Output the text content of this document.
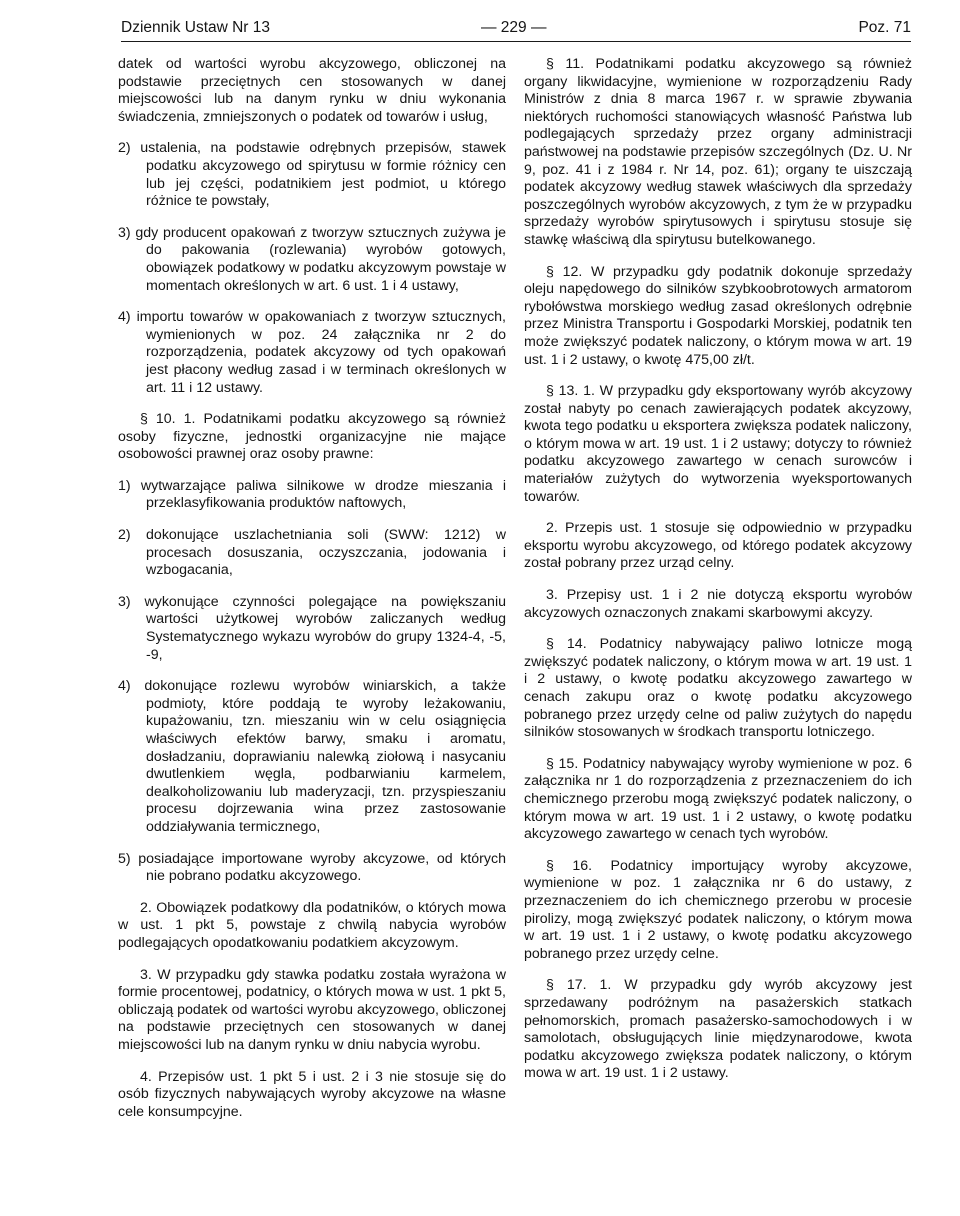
Dziennik Ustaw Nr 13	— 229 —	Poz. 71

datek od wartości wyrobu akcyzowego, obliczonej na podstawie przeciętnych cen stosowanych w danej miejscowości lub na danym rynku w dniu wykonania świadczenia, zmniejszonych o podatek od towarów i usług,

2) ustalenia, na podstawie odrębnych przepisów, stawek podatku akcyzowego od spirytusu w formie różnicy cen lub jej części, podatnikiem jest podmiot, u którego różnice te powstały,

3) gdy producent opakowań z tworzyw sztucznych zużywa je do pakowania (rozlewania) wyrobów gotowych, obowiązek podatkowy w podatku akcyzowym powstaje w momentach określonych w art. 6 ust. 1 i 4 ustawy,

4) importu towarów w opakowaniach z tworzyw sztucznych, wymienionych w poz. 24 załącznika nr 2 do rozporządzenia, podatek akcyzowy od tych opakowań jest płacony według zasad i w terminach określonych w art. 11 i 12 ustawy.

§ 10. 1. Podatnikami podatku akcyzowego są również osoby fizyczne, jednostki organizacyjne nie mające osobowości prawnej oraz osoby prawne:

1) wytwarzające paliwa silnikowe w drodze mieszania i przeklasyfikowania produktów naftowych,

2) dokonujące uszlachetniania soli (SWW: 1212) w procesach dosuszania, oczyszczania, jodowania i wzbogacania,

3) wykonujące czynności polegające na powiększaniu wartości użytkowej wyrobów zaliczanych według Systematycznego wykazu wyrobów do grupy 1324-4, -5, -9,

4) dokonujące rozlewu wyrobów winiarskich, a także podmioty, które poddają te wyroby leżakowaniu, kupażowaniu, tzn. mieszaniu win w celu osiągnięcia właściwych efektów barwy, smaku i aromatu, dosładzaniu, doprawianiu nalewką ziołową i nasycaniu dwutlenkiem węgla, podbarwianiu karmelem, dealkoholizowaniu lub maderyzacji, tzn. przyspieszaniu procesu dojrzewania wina przez zastosowanie oddziaływania termicznego,

5) posiadające importowane wyroby akcyzowe, od których nie pobrano podatku akcyzowego.

2. Obowiązek podatkowy dla podatników, o których mowa w ust. 1 pkt 5, powstaje z chwilą nabycia wyrobów podlegających opodatkowaniu podatkiem akcyzowym.

3. W przypadku gdy stawka podatku została wyrażona w formie procentowej, podatnicy, o których mowa w ust. 1 pkt 5, obliczają podatek od wartości wyrobu akcyzowego, obliczonej na podstawie przeciętnych cen stosowanych w danej miejscowości lub na danym rynku w dniu nabycia wyrobu.

4. Przepisów ust. 1 pkt 5 i ust. 2 i 3 nie stosuje się do osób fizycznych nabywających wyroby akcyzowe na własne cele konsumpcyjne.

§ 11. Podatnikami podatku akcyzowego są również organy likwidacyjne, wymienione w rozporządzeniu Rady Ministrów z dnia 8 marca 1967 r. w sprawie zbywania niektórych ruchomości stanowiących własność Państwa lub podlegających sprzedaży przez organy administracji państwowej na podstawie przepisów szczególnych (Dz. U. Nr 9, poz. 41 i z 1984 r. Nr 14, poz. 61); organy te uiszczają podatek akcyzowy według stawek właściwych dla sprzedaży poszczególnych wyrobów akcyzowych, z tym że w przypadku sprzedaży wyrobów spirytusowych i spirytusu stosuje się stawkę właściwą dla spirytusu butelkowanego.

§ 12. W przypadku gdy podatnik dokonuje sprzedaży oleju napędowego do silników szybkoobrotowych armatorom rybołówstwa morskiego według zasad określonych odrębnie przez Ministra Transportu i Gospodarki Morskiej, podatnik ten może zwiększyć podatek naliczony, o którym mowa w art. 19 ust. 1 i 2 ustawy, o kwotę 475,00 zł/t.

§ 13. 1. W przypadku gdy eksportowany wyrób akcyzowy został nabyty po cenach zawierających podatek akcyzowy, kwota tego podatku u eksportera zwiększa podatek naliczony, o którym mowa w art. 19 ust. 1 i 2 ustawy; dotyczy to również podatku akcyzowego zawartego w cenach surowców i materiałów zużytych do wytworzenia wyeksportowanych towarów.

2. Przepis ust. 1 stosuje się odpowiednio w przypadku eksportu wyrobu akcyzowego, od którego podatek akcyzowy został pobrany przez urząd celny.

3. Przepisy ust. 1 i 2 nie dotyczą eksportu wyrobów akcyzowych oznaczonych znakami skarbowymi akcyzy.

§ 14. Podatnicy nabywający paliwo lotnicze mogą zwiększyć podatek naliczony, o którym mowa w art. 19 ust. 1 i 2 ustawy, o kwotę podatku akcyzowego zawartego w cenach zakupu oraz o kwotę podatku akcyzowego pobranego przez urzędy celne od paliw zużytych do napędu silników stosowanych w środkach transportu lotniczego.

§ 15. Podatnicy nabywający wyroby wymienione w poz. 6 załącznika nr 1 do rozporządzenia z przeznaczeniem do ich chemicznego przerobu mogą zwiększyć podatek naliczony, o którym mowa w art. 19 ust. 1 i 2 ustawy, o kwotę podatku akcyzowego zawartego w cenach tych wyrobów.

§ 16. Podatnicy importujący wyroby akcyzowe, wymienione w poz. 1 załącznika nr 6 do ustawy, z przeznaczeniem do ich chemicznego przerobu w procesie pirolizy, mogą zwiększyć podatek naliczony, o którym mowa w art. 19 ust. 1 i 2 ustawy, o kwotę podatku akcyzowego pobranego przez urzędy celne.

§ 17. 1. W przypadku gdy wyrób akcyzowy jest sprzedawany podróżnym na pasażerskich statkach pełnomorskich, promach pasażersko-samochodowych i w samolotach, obsługujących linie międzynarodowe, kwota podatku akcyzowego zwiększa podatek naliczony, o którym mowa w art. 19 ust. 1 i 2 ustawy.
